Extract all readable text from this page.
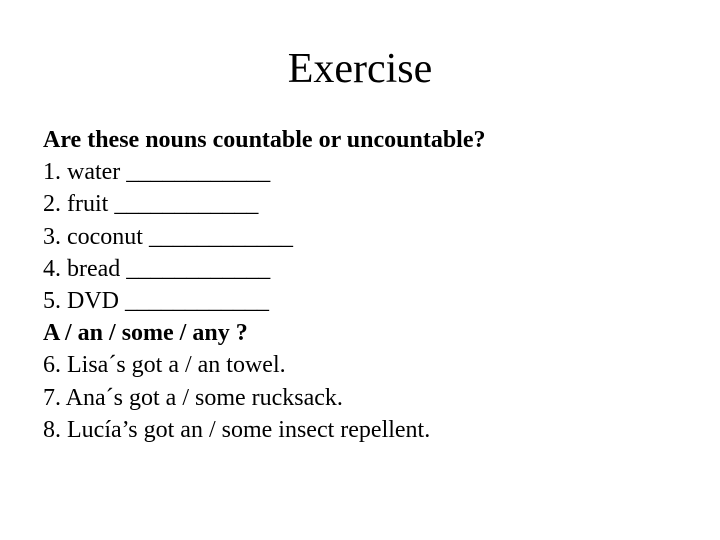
Exercise
Are these nouns countable or uncountable?
1. water ____________
2. fruit ____________
3. coconut ____________
4. bread ____________
5. DVD ____________
A / an / some / any ?
6. Lisa´s got a / an towel.
7. Ana´s got a / some rucksack.
8. Lucía’s got an / some insect repellent.
